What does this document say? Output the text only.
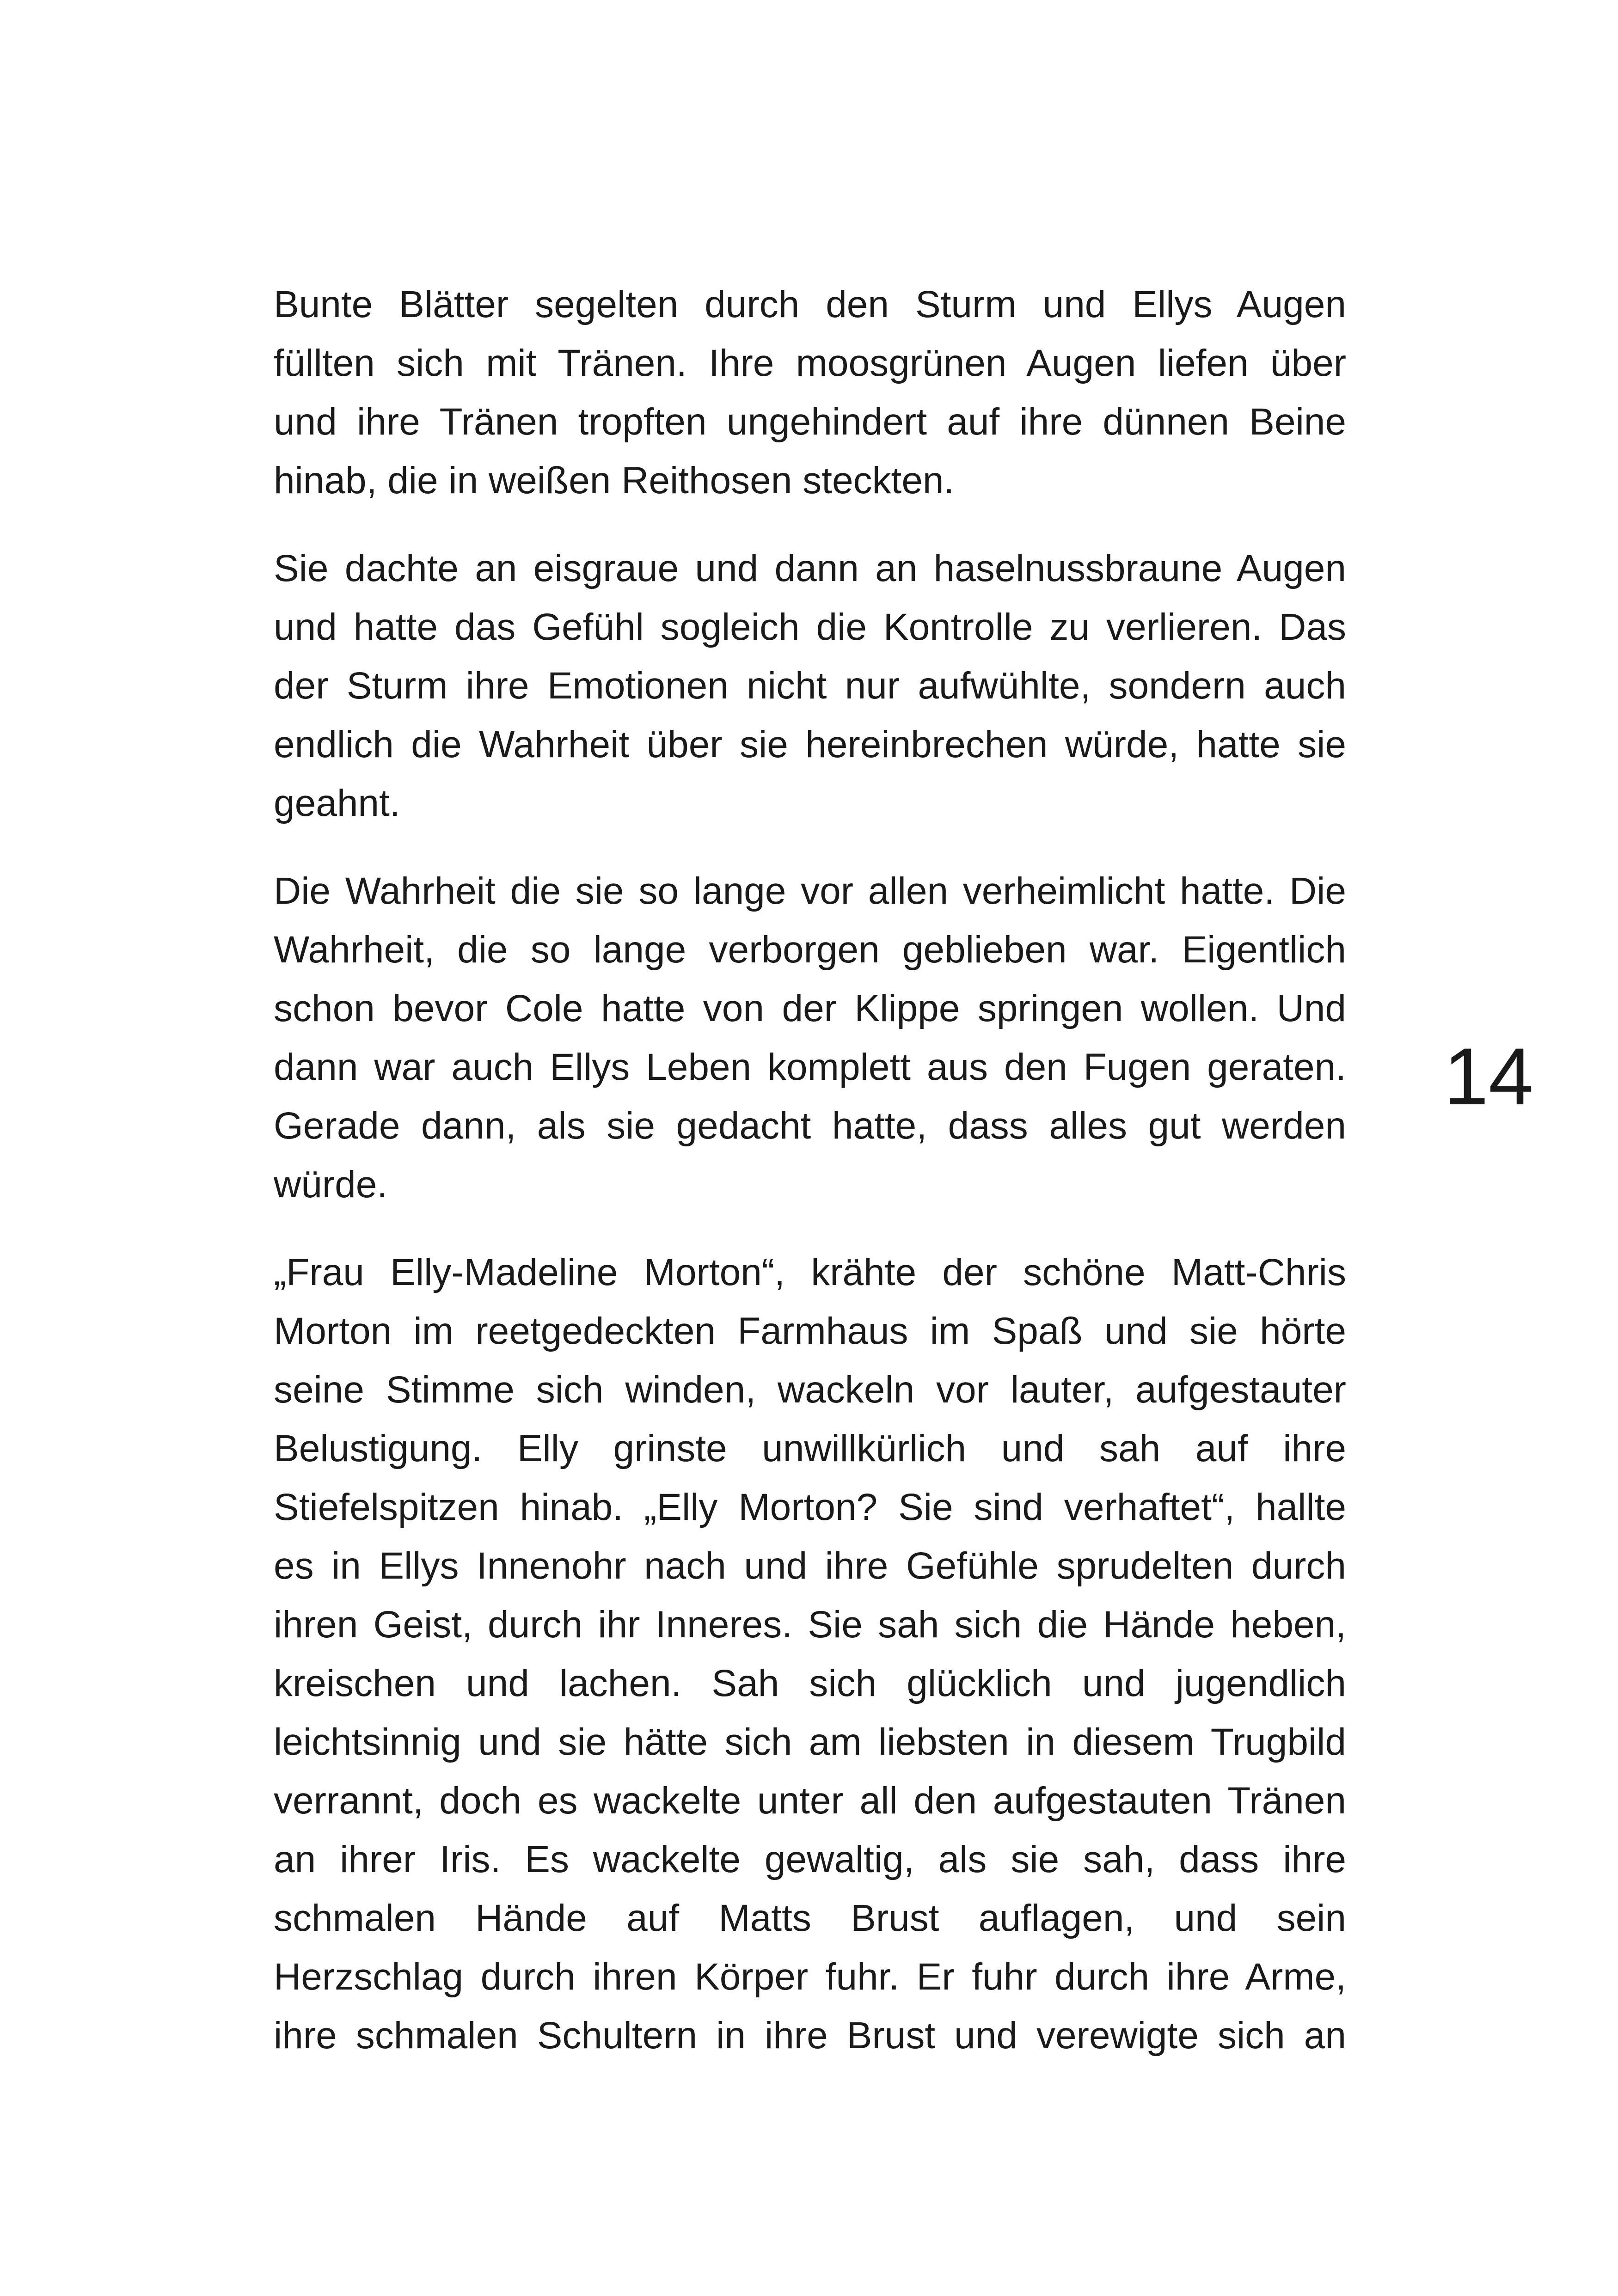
Bunte Blätter segelten durch den Sturm und Ellys Augen
füllten sich mit Tränen. Ihre moosgrünen Augen liefen über
und ihre Tränen tropften ungehindert auf ihre dünnen Beine
hinab, die in weißen Reithosen steckten.
Sie dachte an eisgraue und dann an haselnussbraune Augen
und hatte das Gefühl sogleich die Kontrolle zu verlieren. Das
der Sturm ihre Emotionen nicht nur aufwühlte, sondern auch
endlich die Wahrheit über sie hereinbrechen würde, hatte sie
geahnt.
Die Wahrheit die sie so lange vor allen verheimlicht hatte. Die
Wahrheit, die so lange verborgen geblieben war. Eigentlich
schon bevor Cole hatte von der Klippe springen wollen. Und
dann war auch Ellys Leben komplett aus den Fugen geraten.
Gerade dann, als sie gedacht hatte, dass alles gut werden
würde.
„Frau Elly-Madeline Morton“, krähte der schöne Matt-Chris
Morton im reetgedeckten Farmhaus im Spaß und sie hörte
seine Stimme sich winden, wackeln vor lauter, aufgestauter
Belustigung. Elly grinste unwillkürlich und sah auf ihre
Stiefelspitzen hinab. „Elly Morton? Sie sind verhaftet“, hallte
es in Ellys Innenohr nach und ihre Gefühle sprudelten durch
ihren Geist, durch ihr Inneres. Sie sah sich die Hände heben,
kreischen und lachen. Sah sich glücklich und jugendlich
leichtsinnig und sie hätte sich am liebsten in diesem Trugbild
verrannt, doch es wackelte unter all den aufgestauten Tränen
an ihrer Iris. Es wackelte gewaltig, als sie sah, dass ihre
schmalen Hände auf Matts Brust auflagen, und sein
Herzschlag durch ihren Körper fuhr. Er fuhr durch ihre Arme,
ihre schmalen Schultern in ihre Brust und verewigte sich an
14
